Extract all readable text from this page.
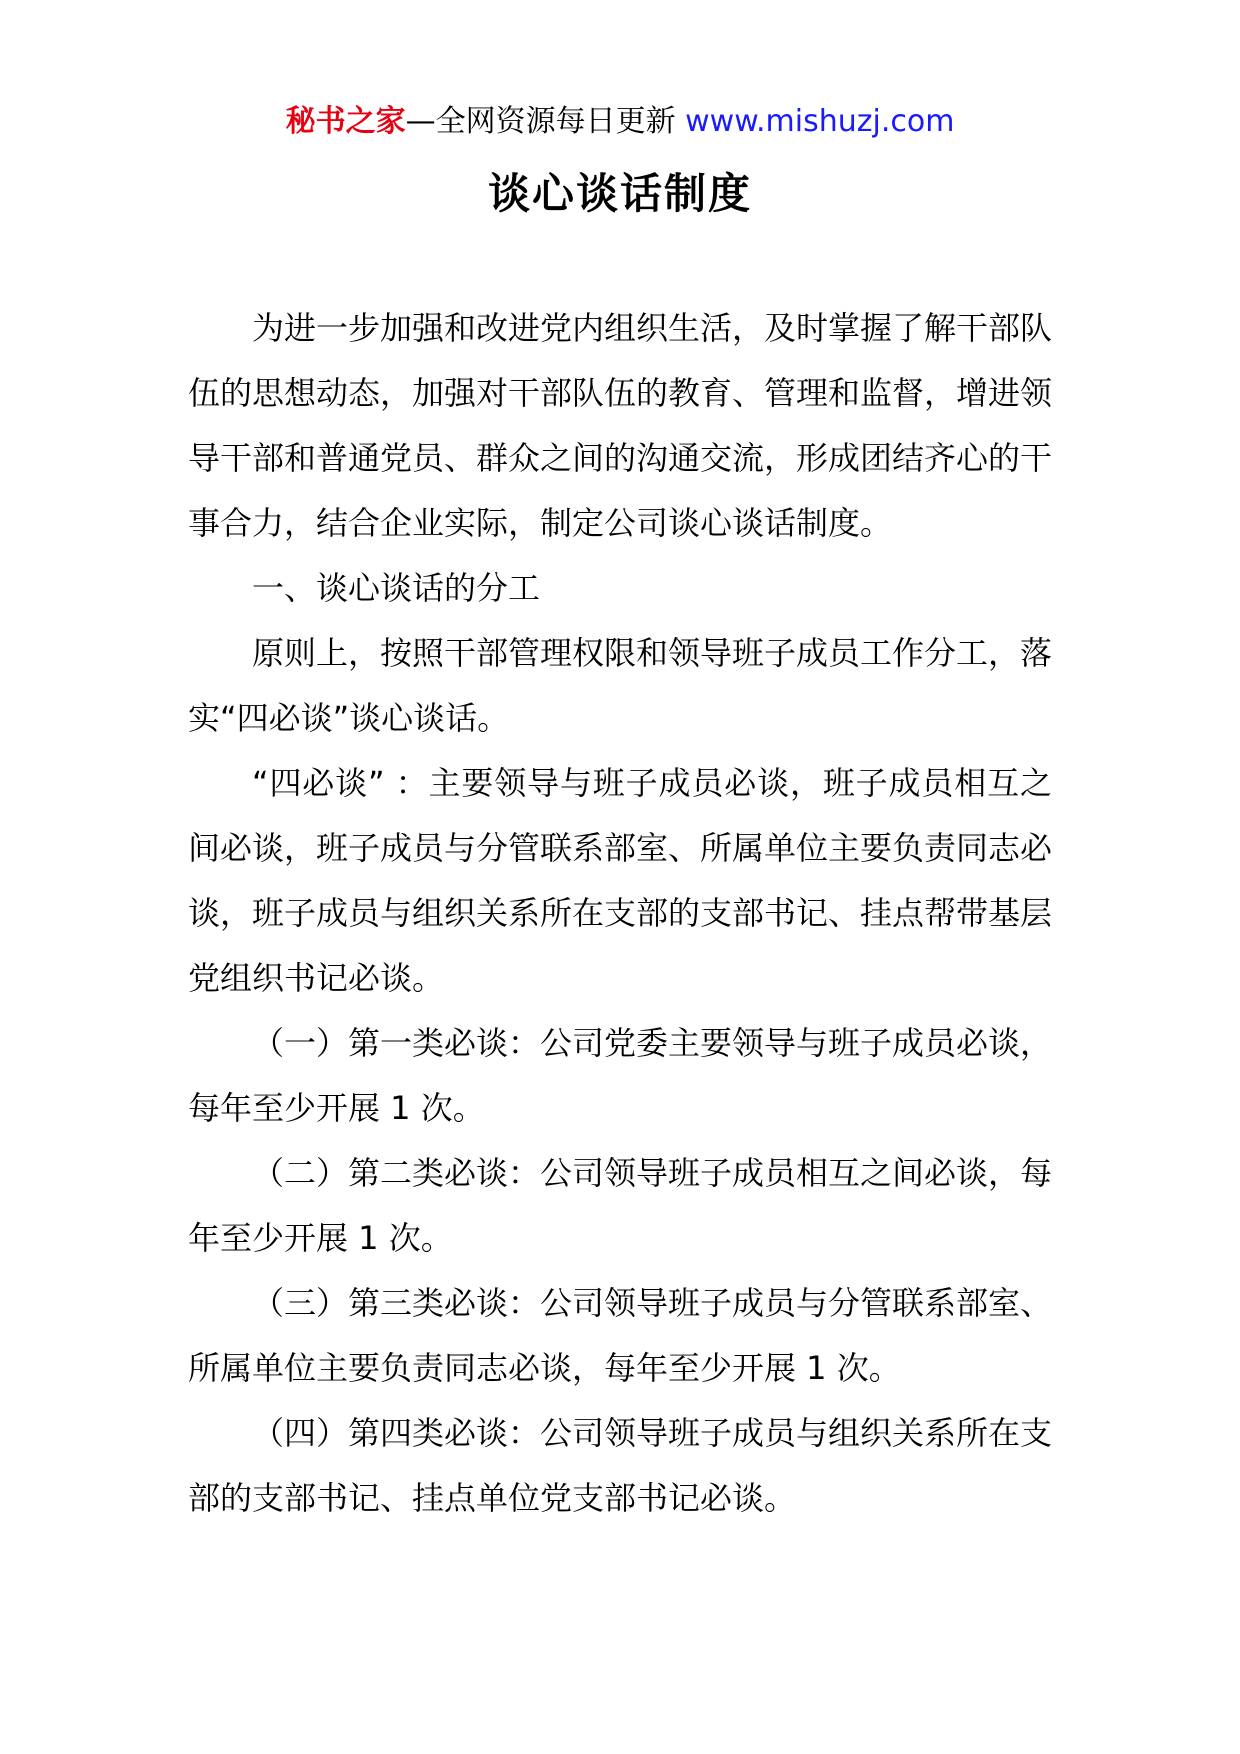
秘书之家—全网资源每日更新 www.mishuzj.com
谈心谈话制度

为进一步加强和改进党内组织生活，及时掌握了解干部队伍的思想动态，加强对干部队伍的教育、管理和监督，增进领导干部和普通党员、群众之间的沟通交流，形成团结齐心的干事合力，结合企业实际，制定公司谈心谈话制度。

一、谈心谈话的分工

原则上，按照干部管理权限和领导班子成员工作分工，落实“四必谈”谈心谈话。

“四必谈” ：主要领导与班子成员必谈，班子成员相互之间必谈，班子成员与分管联系部室、所属单位主要负责同志必谈，班子成员与组织关系所在支部的支部书记、挂点帮带基层党组织书记必谈。

（一）第一类必谈：公司党委主要领导与班子成员必谈，每年至少开展 1 次。

（二）第二类必谈：公司领导班子成员相互之间必谈，每年至少开展 1 次。

（三）第三类必谈：公司领导班子成员与分管联系部室、所属单位主要负责同志必谈，每年至少开展 1 次。

（四）第四类必谈：公司领导班子成员与组织关系所在支部的支部书记、挂点单位党支部书记必谈。
